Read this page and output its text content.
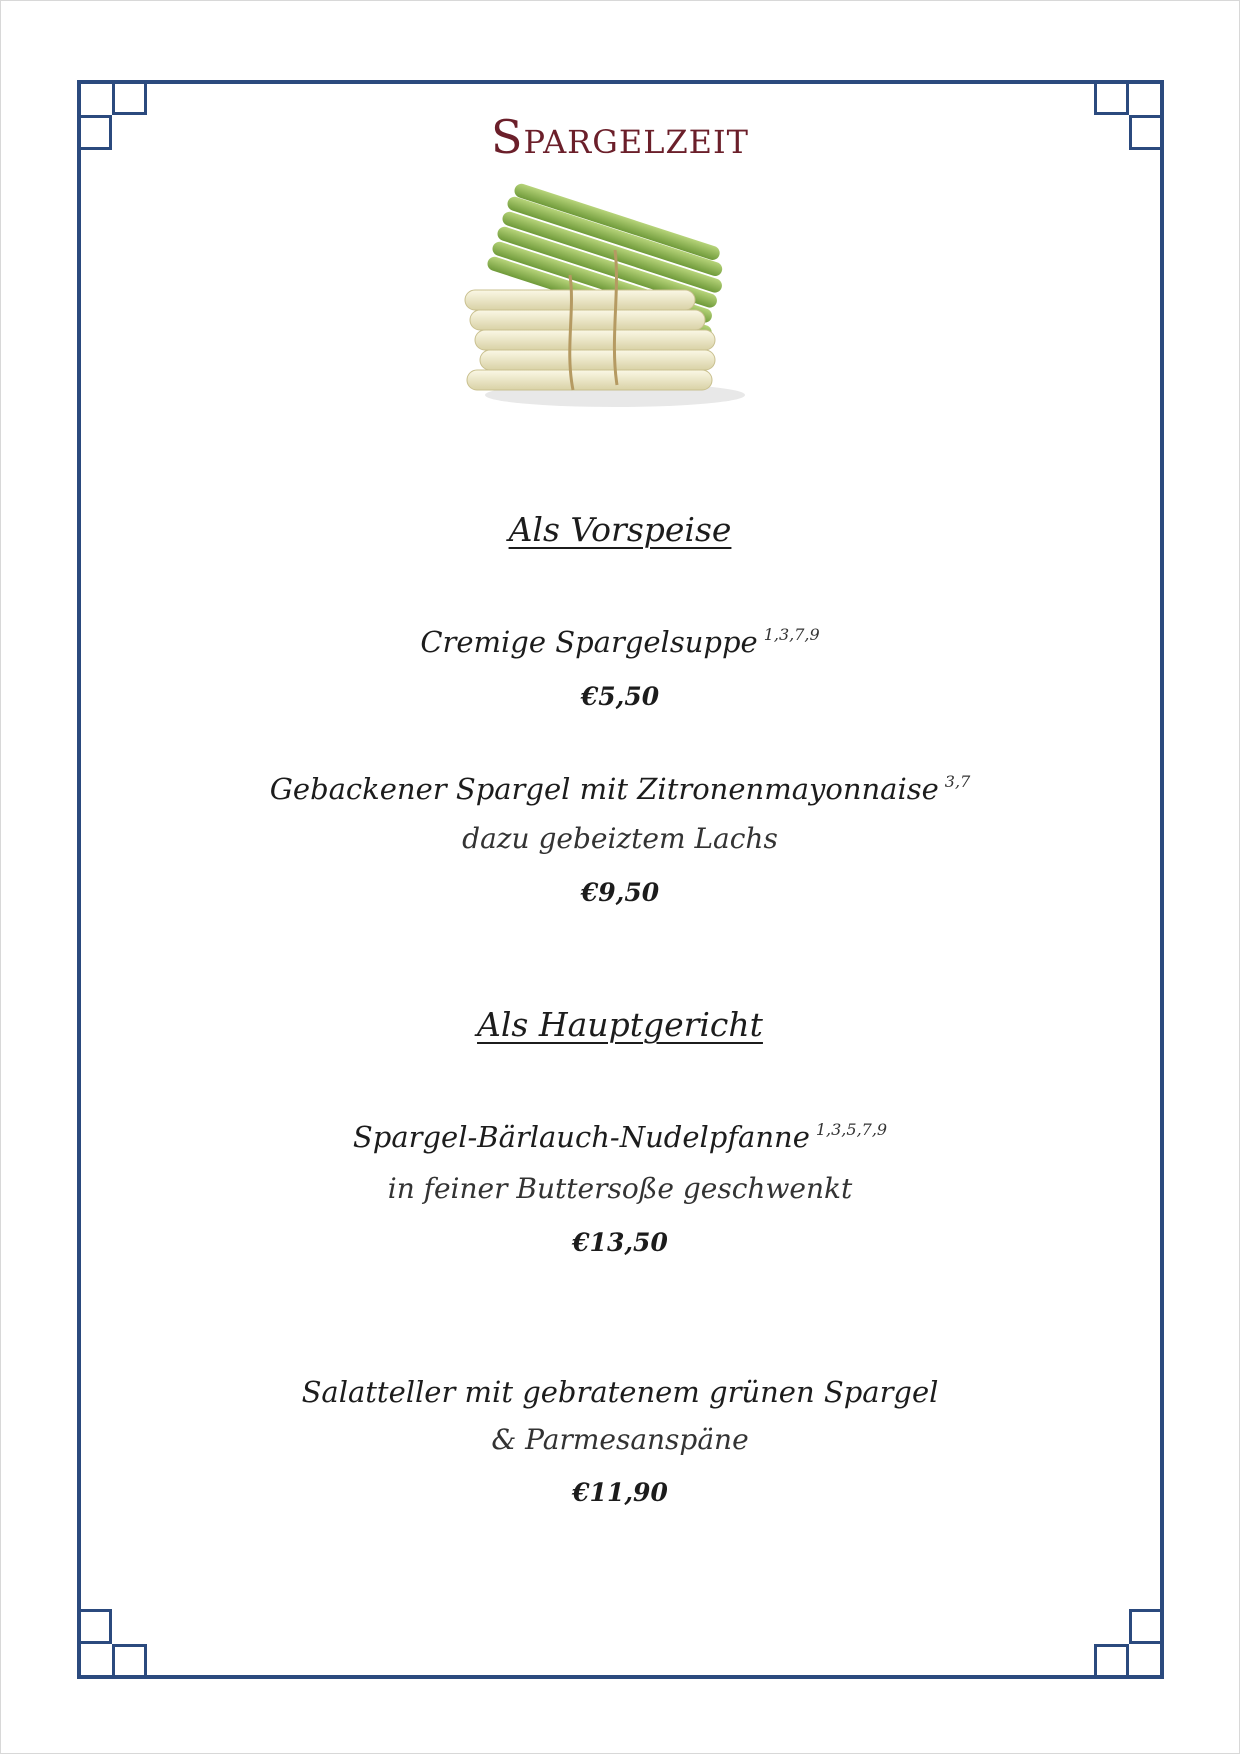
Spargelzeit
Als Vorspeise
Cremige Spargelsuppe $^{1,3,7,9}$
€5,50
Gebackener Spargel mit Zitronenmayonnaise $^{3,7}$
dazu gebeiztem Lachs
€9,50
Als Hauptgericht
Spargel-Bärlauch-Nudelpfanne $^{1,3,5,7,9}$
in feiner Buttersoße geschwenkt
€13,50
Salatteller mit gebratenem grünen Spargel
& Parmesanspäne
€11,90
